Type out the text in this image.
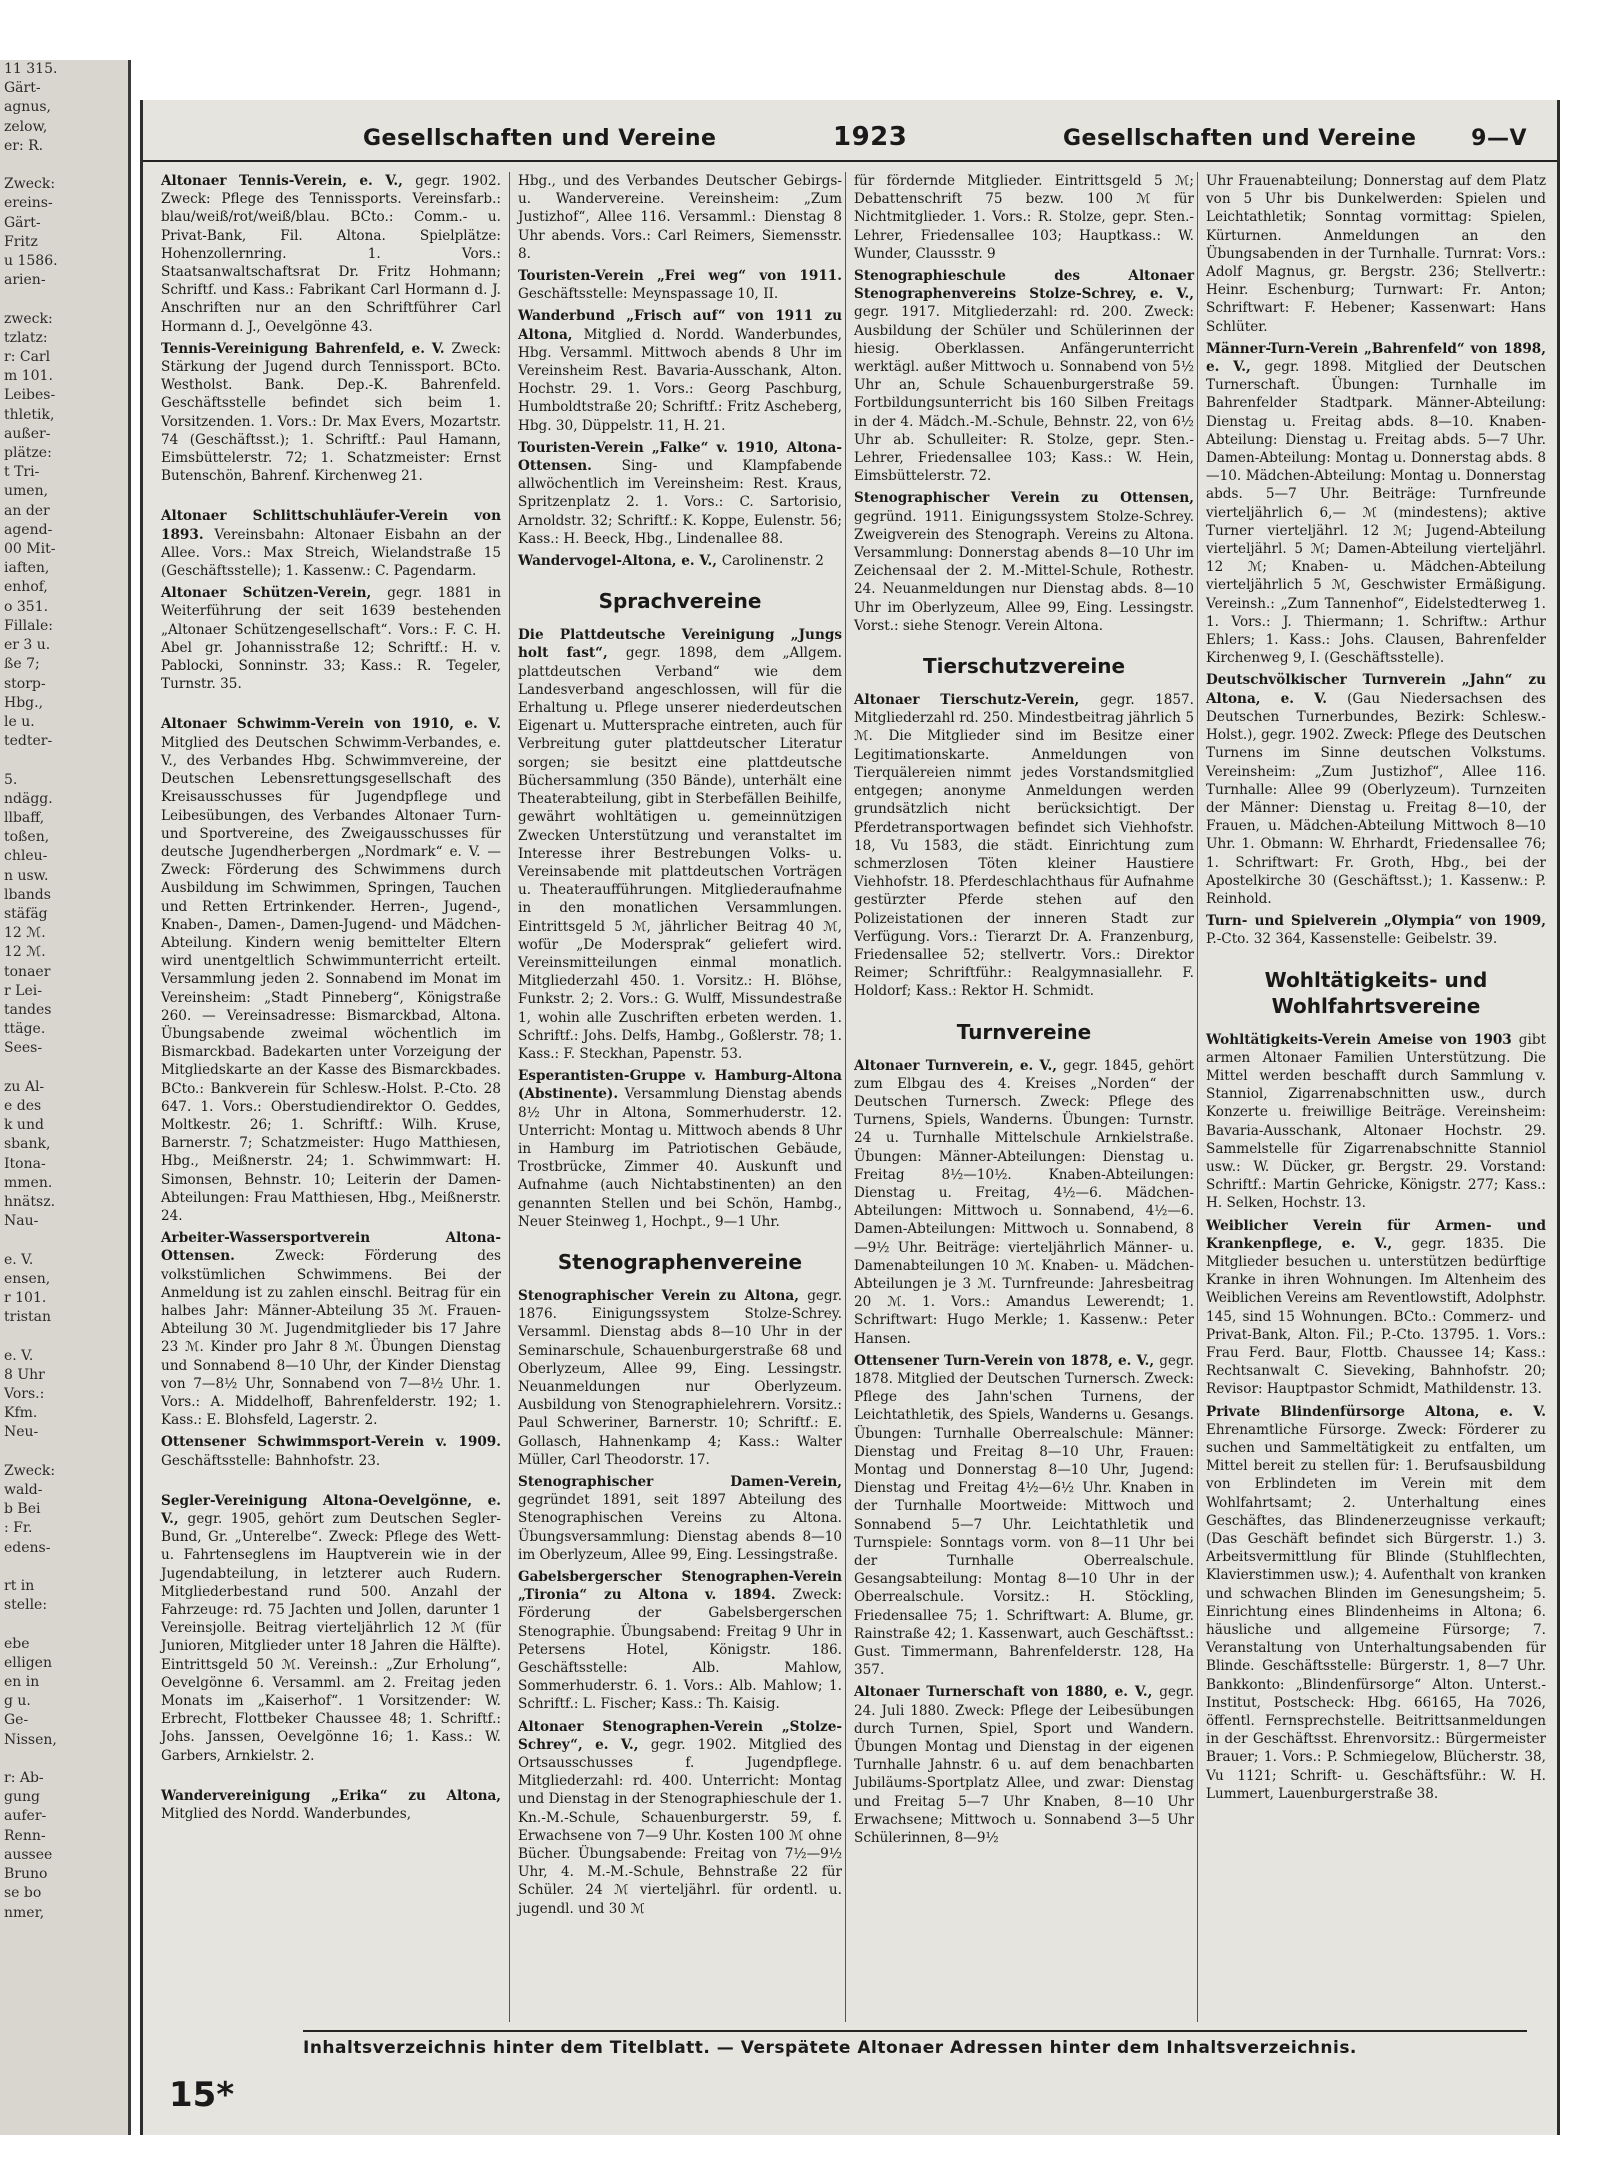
11 315.
Gärt-
agnus,
zelow,
er: R.

Zweck:
ereins-
Gärt-
Fritz
u 1586.
arien-

zweck:
tzlatz:
r: Carl
m 101.
Leibes-
thletik,
außer-
plätze:
t Tri-
umen,
an der
agend-
00 Mit-
iaften,
enhof,
o 351.
Fillale:
er 3 u.
ße 7;
storp-
Hbg.,
le u.
tedter-

5.
ndägg.
llbaff,
toßen,
chleu-
n usw.
lbands
stäfäg
12 ℳ.
12 ℳ.
tonaer
r Lei-
tandes
ttäge.
Sees-

zu Al-
e des
k und
sbank,
Itona-
mmen.
hnätsz.
Nau-

e. V.
ensen,
r 101.
tristan

e. V.
8 Uhr
Vors.:
Kfm.
Neu-

Zweck:
wald-
b Bei
: Fr.
edens-

rt in
stelle:

ebe
elligen
en in
g u.
Ge-
Nissen,

r: Ab-
gung
aufer-
Renn-
aussee
Bruno
se bo
nmer,
Gesellschaften und Vereine	1923	Gesellschaften und Vereine 9—V
Altonaer Tennis-Verein, e. V., gegr. 1902. Zweck: Pflege des Tennissports. Vereinsfarb.: blau/weiß/rot/weiß/blau. BCto.: Comm.- u. Privat-Bank, Fil. Altona. Spielplätze: Hohenzollernring. 1. Vors.: Staatsanwaltschaftsrat Dr. Fritz Hohmann; Schriftf. und Kass.: Fabrikant Carl Hormann d. J. Anschriften nur an den Schriftführer Carl Hormann d. J., Oevelgönne 43.
Tennis-Vereinigung Bahrenfeld, e. V. Zweck: Stärkung der Jugend durch Tennissport. BCto. Westholst. Bank. Dep.-K. Bahrenfeld. Geschäftsstelle befindet sich beim 1. Vorsitzenden. 1. Vors.: Dr. Max Evers, Mozartstr. 74 (Geschäftsst.); 1. Schriftf.: Paul Hamann, Eimsbüttelerstr. 72; 1. Schatzmeister: Ernst Butenschön, Bahrenf. Kirchenweg 21.
Altonaer Schlittschuhläufer-Verein von 1893. Vereinsbahn: Altonaer Eisbahn an der Allee. Vors.: Max Streich, Wielandstraße 15 (Geschäftsstelle); 1. Kassenw.: C. Pagendarm.
Altonaer Schützen-Verein, gegr. 1881 in Weiterführung der seit 1639 bestehenden „Altonaer Schützengesellschaft“. Vors.: F. C. H. Abel gr. Johannisstraße 12; Schriftf.: H. v. Pablocki, Sonninstr. 33; Kass.: R. Tegeler, Turnstr. 35.
Altonaer Schwimm-Verein von 1910, e. V. Mitglied des Deutschen Schwimm-Verbandes, e. V., des Verbandes Hbg. Schwimmvereine, der Deutschen Lebensrettungsgesellschaft des Kreisausschusses für Jugendpflege und Leibesübungen, des Verbandes Altonaer Turn- und Sportvereine, des Zweigausschusses für deutsche Jugendherbergen „Nordmark“ e. V. — Zweck: Förderung des Schwimmens durch Ausbildung im Schwimmen, Springen, Tauchen und Retten Ertrinkender. Herren-, Jugend-, Knaben-, Damen-, Damen-Jugend- und Mädchen-Abteilung. Kindern wenig bemittelter Eltern wird unentgeltlich Schwimmunterricht erteilt. Versammlung jeden 2. Sonnabend im Monat im Vereinsheim: „Stadt Pinneberg“, Königstraße 260. — Vereinsadresse: Bismarckbad, Altona. Übungsabende zweimal wöchentlich im Bismarckbad. Badekarten unter Vorzeigung der Mitgliedskarte an der Kasse des Bismarckbades. BCto.: Bankverein für Schlesw.-Holst. P.-Cto. 28 647. 1. Vors.: Oberstudiendirektor O. Geddes, Moltkestr. 26; 1. Schriftf.: Wilh. Kruse, Barnerstr. 7; Schatzmeister: Hugo Matthiesen, Hbg., Meißnerstr. 24; 1. Schwimmwart: H. Simonsen, Behnstr. 10; Leiterin der Damen-Abteilungen: Frau Matthiesen, Hbg., Meißnerstr. 24.
Arbeiter-Wassersportverein Altona-Ottensen. Zweck: Förderung des volkstümlichen Schwimmens. Bei der Anmeldung ist zu zahlen einschl. Beitrag für ein halbes Jahr: Männer-Abteilung 35 ℳ. Frauen-Abteilung 30 ℳ. Jugendmitglieder bis 17 Jahre 23 ℳ. Kinder pro Jahr 8 ℳ. Übungen Dienstag und Sonnabend 8—10 Uhr, der Kinder Dienstag von 7—8½ Uhr, Sonnabend von 7—8½ Uhr. 1. Vors.: A. Middelhoff, Bahrenfelderstr. 192; 1. Kass.: E. Blohsfeld, Lagerstr. 2.
Ottensener Schwimmsport-Verein v. 1909. Geschäftsstelle: Bahnhofstr. 23.
Segler-Vereinigung Altona-Oevelgönne, e. V., gegr. 1905, gehört zum Deutschen Segler-Bund, Gr. „Unterelbe“. Zweck: Pflege des Wett- u. Fahrtenseglens im Hauptverein wie in der Jugendabteilung, in letzterer auch Rudern. Mitgliederbestand rund 500. Anzahl der Fahrzeuge: rd. 75 Jachten und Jollen, darunter 1 Vereinsjolle. Beitrag vierteljährlich 12 ℳ (für Junioren, Mitglieder unter 18 Jahren die Hälfte). Eintrittsgeld 50 ℳ. Vereinsh.: „Zur Erholung“, Oevelgönne 6. Versamml. am 2. Freitag jeden Monats im „Kaiserhof“. 1 Vorsitzender: W. Erbrecht, Flottbeker Chaussee 48; 1. Schriftf.: Johs. Janssen, Oevelgönne 16; 1. Kass.: W. Garbers, Arnkielstr. 2.
Wandervereinigung „Erika“ zu Altona, Mitglied des Nordd. Wanderbundes,
Hbg., und des Verbandes Deutscher Gebirgs- u. Wandervereine. Vereinsheim: „Zum Justizhof“, Allee 116. Versamml.: Dienstag 8 Uhr abends. Vors.: Carl Reimers, Siemensstr. 8.
Touristen-Verein „Frei weg“ von 1911. Geschäftsstelle: Meynspassage 10, II.
Wanderbund „Frisch auf“ von 1911 zu Altona, Mitglied d. Nordd. Wanderbundes, Hbg. Versamml. Mittwoch abends 8 Uhr im Vereinsheim Rest. Bavaria-Ausschank, Alton. Hochstr. 29. 1. Vors.: Georg Paschburg, Humboldtstraße 20; Schriftf.: Fritz Ascheberg, Hbg. 30, Düppelstr. 11, H. 21.
Touristen-Verein „Falke“ v. 1910, Altona-Ottensen. Sing- und Klampfabende allwöchentlich im Vereinsheim: Rest. Kraus, Spritzenplatz 2. 1. Vors.: C. Sartorisio, Arnoldstr. 32; Schriftf.: K. Koppe, Eulenstr. 56; Kass.: H. Beeck, Hbg., Lindenallee 88.
Wandervogel-Altona, e. V., Carolinenstr. 2
Sprachvereine
Die Plattdeutsche Vereinigung „Jungs holt fast“, gegr. 1898, dem „Allgem. plattdeutschen Verband“ wie dem Landesverband angeschlossen, will für die Erhaltung u. Pflege unserer niederdeutschen Eigenart u. Muttersprache eintreten, auch für Verbreitung guter plattdeutscher Literatur sorgen; sie besitzt eine plattdeutsche Büchersammlung (350 Bände), unterhält eine Theaterabteilung, gibt in Sterbefällen Beihilfe, gewährt wohltätigen u. gemeinnützigen Zwecken Unterstützung und veranstaltet im Interesse ihrer Bestrebungen Volks- u. Vereinsabende mit plattdeutschen Vorträgen u. Theateraufführungen. Mitgliederaufnahme in den monatlichen Versammlungen. Eintrittsgeld 5 ℳ, jährlicher Beitrag 40 ℳ, wofür „De Modersprak“ geliefert wird. Vereinsmitteilungen einmal monatlich. Mitgliederzahl 450. 1. Vorsitz.: H. Blöhse, Funkstr. 2; 2. Vors.: G. Wulff, Missundestraße 1, wohin alle Zuschriften erbeten werden. 1. Schriftf.: Johs. Delfs, Hambg., Goßlerstr. 78; 1. Kass.: F. Steckhan, Papenstr. 53.
Esperantisten-Gruppe v. Hamburg-Altona (Abstinente). Versammlung Dienstag abends 8½ Uhr in Altona, Sommerhuderstr. 12. Unterricht: Montag u. Mittwoch abends 8 Uhr in Hamburg im Patriotischen Gebäude, Trostbrücke, Zimmer 40. Auskunft und Aufnahme (auch Nichtabstinenten) an den genannten Stellen und bei Schön, Hambg., Neuer Steinweg 1, Hochpt., 9—1 Uhr.
Stenographenvereine
Stenographischer Verein zu Altona, gegr. 1876. Einigungssystem Stolze-Schrey. Versamml. Dienstag abds 8—10 Uhr in der Seminarschule, Schauenburgerstraße 68 und Oberlyzeum, Allee 99, Eing. Lessingstr. Neuanmeldungen nur Oberlyzeum. Ausbildung von Stenographielehrern. Vorsitz.: Paul Schweriner, Barnerstr. 10; Schriftf.: E. Gollasch, Hahnenkamp 4; Kass.: Walter Müller, Carl Theodorstr. 17.
Stenographischer Damen-Verein, gegründet 1891, seit 1897 Abteilung des Stenographischen Vereins zu Altona. Übungsversammlung: Dienstag abends 8—10 im Oberlyzeum, Allee 99, Eing. Lessingstraße.
Gabelsbergerscher Stenographen-Verein „Tironia“ zu Altona v. 1894. Zweck: Förderung der Gabelsbergerschen Stenographie. Übungsabend: Freitag 9 Uhr in Petersens Hotel, Königstr. 186. Geschäftsstelle: Alb. Mahlow, Sommerhuderstr. 6. 1. Vors.: Alb. Mahlow; 1. Schriftf.: L. Fischer; Kass.: Th. Kaisig.
Altonaer Stenographen-Verein „Stolze-Schrey“, e. V., gegr. 1902. Mitglied des Ortsausschusses f. Jugendpflege. Mitgliederzahl: rd. 400. Unterricht: Montag und Dienstag in der Stenographieschule der 1. Kn.-M.-Schule, Schauenburgerstr. 59, f. Erwachsene von 7—9 Uhr. Kosten 100 ℳ ohne Bücher. Übungsabende: Freitag von 7½—9½ Uhr, 4. M.-M.-Schule, Behnstraße 22 für Schüler. 24 ℳ vierteljährl. für ordentl. u. jugendl. und 30 ℳ
für fördernde Mitglieder. Eintrittsgeld 5 ℳ; Debattenschrift 75 bezw. 100 ℳ für Nichtmitglieder. 1. Vors.: R. Stolze, gepr. Sten.-Lehrer, Friedensallee 103; Hauptkass.: W. Wunder, Claussstr. 9
Stenographieschule des Altonaer Stenographenvereins Stolze-Schrey, e. V., gegr. 1917. Mitgliederzahl: rd. 200. Zweck: Ausbildung der Schüler und Schülerinnen der hiesig. Oberklassen. Anfängerunterricht werktägl. außer Mittwoch u. Sonnabend von 5½ Uhr an, Schule Schauenburgerstraße 59. Fortbildungsunterricht bis 160 Silben Freitags in der 4. Mädch.-M.-Schule, Behnstr. 22, von 6½ Uhr ab. Schulleiter: R. Stolze, gepr. Sten.-Lehrer, Friedensallee 103; Kass.: W. Hein, Eimsbüttelerstr. 72.
Stenographischer Verein zu Ottensen, gegründ. 1911. Einigungssystem Stolze-Schrey. Zweigverein des Stenograph. Vereins zu Altona. Versammlung: Donnerstag abends 8—10 Uhr im Zeichensaal der 2. M.-Mittel-Schule, Rothestr. 24. Neuanmeldungen nur Dienstag abds. 8—10 Uhr im Oberlyzeum, Allee 99, Eing. Lessingstr. Vorst.: siehe Stenogr. Verein Altona.
Tierschutzvereine
Altonaer Tierschutz-Verein, gegr. 1857. Mitgliederzahl rd. 250. Mindestbeitrag jährlich 5 ℳ. Die Mitglieder sind im Besitze einer Legitimationskarte. Anmeldungen von Tierquälereien nimmt jedes Vorstandsmitglied entgegen; anonyme Anmeldungen werden grundsätzlich nicht berücksichtigt. Der Pferdetransportwagen befindet sich Viehhofstr. 18, Vu 1583, die städt. Einrichtung zum schmerzlosen Töten kleiner Haustiere Viehhofstr. 18. Pferdeschlachthaus für Aufnahme gestürzter Pferde stehen auf den Polizeistationen der inneren Stadt zur Verfügung. Vors.: Tierarzt Dr. A. Franzenburg, Friedensallee 52; stellvertr. Vors.: Direktor Reimer; Schriftführ.: Realgymnasiallehr. F. Holdorf; Kass.: Rektor H. Schmidt.
Turnvereine
Altonaer Turnverein, e. V., gegr. 1845, gehört zum Elbgau des 4. Kreises „Norden“ der Deutschen Turnersch. Zweck: Pflege des Turnens, Spiels, Wanderns. Übungen: Turnstr. 24 u. Turnhalle Mittelschule Arnkielstraße. Übungen: Männer-Abteilungen: Dienstag u. Freitag 8½—10½. Knaben-Abteilungen: Dienstag u. Freitag, 4½—6. Mädchen-Abteilungen: Mittwoch u. Sonnabend, 4½—6. Damen-Abteilungen: Mittwoch u. Sonnabend, 8—9½ Uhr. Beiträge: vierteljährlich Männer- u. Damenabteilungen 10 ℳ. Knaben- u. Mädchen-Abteilungen je 3 ℳ. Turnfreunde: Jahresbeitrag 20 ℳ. 1. Vors.: Amandus Lewerendt; 1. Schriftwart: Hugo Merkle; 1. Kassenw.: Peter Hansen.
Ottensener Turn-Verein von 1878, e. V., gegr. 1878. Mitglied der Deutschen Turnersch. Zweck: Pflege des Jahn'schen Turnens, der Leichtathletik, des Spiels, Wanderns u. Gesangs. Übungen: Turnhalle Oberrealschule: Männer: Dienstag und Freitag 8—10 Uhr, Frauen: Montag und Donnerstag 8—10 Uhr, Jugend: Dienstag und Freitag 4½—6½ Uhr. Knaben in der Turnhalle Moortweide: Mittwoch und Sonnabend 5—7 Uhr. Leichtathletik und Turnspiele: Sonntags vorm. von 8—11 Uhr bei der Turnhalle Oberrealschule. Gesangsabteilung: Montag 8—10 Uhr in der Oberrealschule. Vorsitz.: H. Stöckling, Friedensallee 75; 1. Schriftwart: A. Blume, gr. Rainstraße 42; 1. Kassenwart, auch Geschäftsst.: Gust. Timmermann, Bahrenfelderstr. 128, Ha 357.
Altonaer Turnerschaft von 1880, e. V., gegr. 24. Juli 1880. Zweck: Pflege der Leibesübungen durch Turnen, Spiel, Sport und Wandern. Übungen Montag und Dienstag in der eigenen Turnhalle Jahnstr. 6 u. auf dem benachbarten Jubiläums-Sportplatz Allee, und zwar: Dienstag und Freitag 5—7 Uhr Knaben, 8—10 Uhr Erwachsene; Mittwoch u. Sonnabend 3—5 Uhr Schülerinnen, 8—9½
Uhr Frauenabteilung; Donnerstag auf dem Platz von 5 Uhr bis Dunkelwerden: Spielen und Leichtathletik; Sonntag vormittag: Spielen, Kürturnen. Anmeldungen an den Übungsabenden in der Turnhalle. Turnrat: Vors.: Adolf Magnus, gr. Bergstr. 236; Stellvertr.: Heinr. Eschenburg; Turnwart: Fr. Anton; Schriftwart: F. Hebener; Kassenwart: Hans Schlüter.
Männer-Turn-Verein „Bahrenfeld“ von 1898, e. V., gegr. 1898. Mitglied der Deutschen Turnerschaft. Übungen: Turnhalle im Bahrenfelder Stadtpark. Männer-Abteilung: Dienstag u. Freitag abds. 8—10. Knaben-Abteilung: Dienstag u. Freitag abds. 5—7 Uhr. Damen-Abteilung: Montag u. Donnerstag abds. 8—10. Mädchen-Abteilung: Montag u. Donnerstag abds. 5—7 Uhr. Beiträge: Turnfreunde vierteljährlich 6,— ℳ (mindestens); aktive Turner vierteljährl. 12 ℳ; Jugend-Abteilung vierteljährl. 5 ℳ; Damen-Abteilung vierteljährl. 12 ℳ; Knaben- u. Mädchen-Abteilung vierteljährlich 5 ℳ, Geschwister Ermäßigung. Vereinsh.: „Zum Tannenhof“, Eidelstedterweg 1. 1. Vors.: J. Thiermann; 1. Schriftw.: Arthur Ehlers; 1. Kass.: Johs. Clausen, Bahrenfelder Kirchenweg 9, I. (Geschäftsstelle).
Deutschvölkischer Turnverein „Jahn“ zu Altona, e. V. (Gau Niedersachsen des Deutschen Turnerbundes, Bezirk: Schlesw.-Holst.), gegr. 1902. Zweck: Pflege des Deutschen Turnens im Sinne deutschen Volkstums. Vereinsheim: „Zum Justizhof“, Allee 116. Turnhalle: Allee 99 (Oberlyzeum). Turnzeiten der Männer: Dienstag u. Freitag 8—10, der Frauen, u. Mädchen-Abteilung Mittwoch 8—10 Uhr. 1. Obmann: W. Ehrhardt, Friedensallee 76; 1. Schriftwart: Fr. Groth, Hbg., bei der Apostelkirche 30 (Geschäftsst.); 1. Kassenw.: P. Reinhold.
Turn- und Spielverein „Olympia“ von 1909, P.-Cto. 32 364, Kassenstelle: Geibelstr. 39.
Wohltätigkeits- und Wohlfahrtsvereine
Wohltätigkeits-Verein Ameise von 1903 gibt armen Altonaer Familien Unterstützung. Die Mittel werden beschafft durch Sammlung v. Stanniol, Zigarrenabschnitten usw., durch Konzerte u. freiwillige Beiträge. Vereinsheim: Bavaria-Ausschank, Altonaer Hochstr. 29. Sammelstelle für Zigarrenabschnitte Stanniol usw.: W. Dücker, gr. Bergstr. 29. Vorstand: Schriftf.: Martin Gehricke, Königstr. 277; Kass.: H. Selken, Hochstr. 13.
Weiblicher Verein für Armen- und Krankenpflege, e. V., gegr. 1835. Die Mitglieder besuchen u. unterstützen bedürftige Kranke in ihren Wohnungen. Im Altenheim des Weiblichen Vereins am Reventlowstift, Adolphstr. 145, sind 15 Wohnungen. BCto.: Commerz- und Privat-Bank, Alton. Fil.; P.-Cto. 13795. 1. Vors.: Frau Ferd. Baur, Flottb. Chaussee 14; Kass.: Rechtsanwalt C. Sieveking, Bahnhofstr. 20; Revisor: Hauptpastor Schmidt, Mathildenstr. 13.
Private Blindenfürsorge Altona, e. V. Ehrenamtliche Fürsorge. Zweck: Förderer zu suchen und Sammeltätigkeit zu entfalten, um Mittel bereit zu stellen für: 1. Berufsausbildung von Erblindeten im Verein mit dem Wohlfahrtsamt; 2. Unterhaltung eines Geschäftes, das Blindenerzeugnisse verkauft; (Das Geschäft befindet sich Bürgerstr. 1.) 3. Arbeitsvermittlung für Blinde (Stuhlflechten, Klavierstimmen usw.); 4. Aufenthalt von kranken und schwachen Blinden im Genesungsheim; 5. Einrichtung eines Blindenheims in Altona; 6. häusliche und allgemeine Fürsorge; 7. Veranstaltung von Unterhaltungsabenden für Blinde. Geschäftsstelle: Bürgerstr. 1, 8—7 Uhr. Bankkonto: „Blindenfürsorge“ Alton. Unterst.-Institut, Postscheck: Hbg. 66165, Ha 7026, öffentl. Fernsprechstelle. Beitrittsanmeldungen in der Geschäftsst. Ehrenvorsitz.: Bürgermeister Brauer; 1. Vors.: P. Schmiegelow, Blücherstr. 38, Vu 1121; Schrift- u. Geschäftsführ.: W. H. Lummert, Lauenburgerstraße 38.
Inhaltsverzeichnis hinter dem Titelblatt. — Verspätete Altonaer Adressen hinter dem Inhaltsverzeichnis.
15*
